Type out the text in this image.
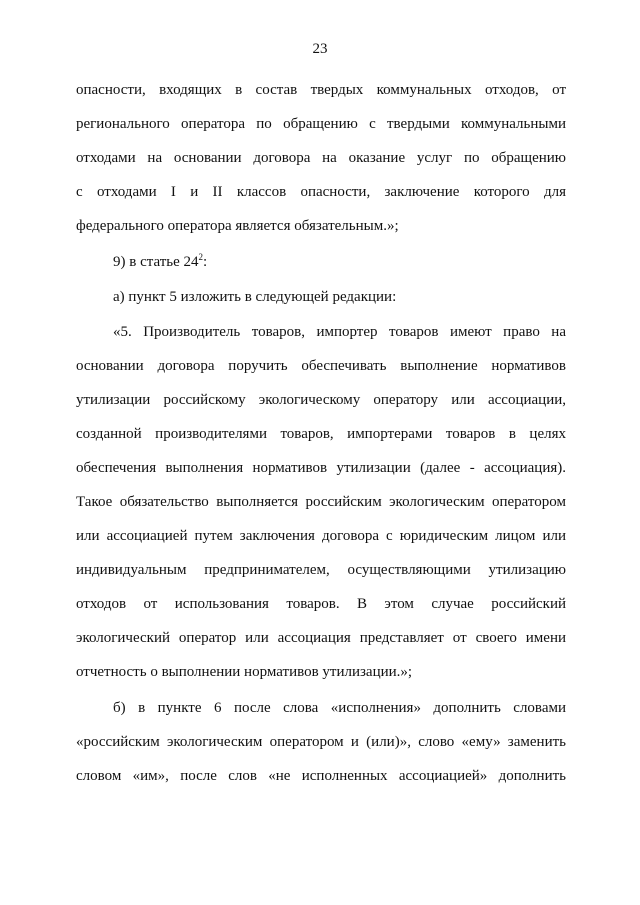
23
опасности, входящих в состав твердых коммунальных отходов, от
регионального оператора по обращению с твердыми коммунальными
отходами на основании договора на оказание услуг по обращению
с отходами I и II классов опасности, заключение которого для
федерального оператора является обязательным.»;
9) в статье $24^2$:
а) пункт 5 изложить в следующей редакции:
«5. Производитель товаров, импортер товаров имеют право на
основании договора поручить обеспечивать выполнение нормативов
утилизации российскому экологическому оператору или ассоциации,
созданной производителями товаров, импортерами товаров в целях
обеспечения выполнения нормативов утилизации (далее - ассоциация).
Такое обязательство выполняется российским экологическим оператором
или ассоциацией путем заключения договора с юридическим лицом или
индивидуальным предпринимателем, осуществляющими утилизацию
отходов от использования товаров. В этом случае российский
экологический оператор или ассоциация представляет от своего имени
отчетность о выполнении нормативов утилизации.»;
б) в пункте 6 после слова «исполнения» дополнить словами
«российским экологическим оператором и (или)», слово «ему» заменить
словом «им», после слов «не исполненных ассоциацией» дополнить
